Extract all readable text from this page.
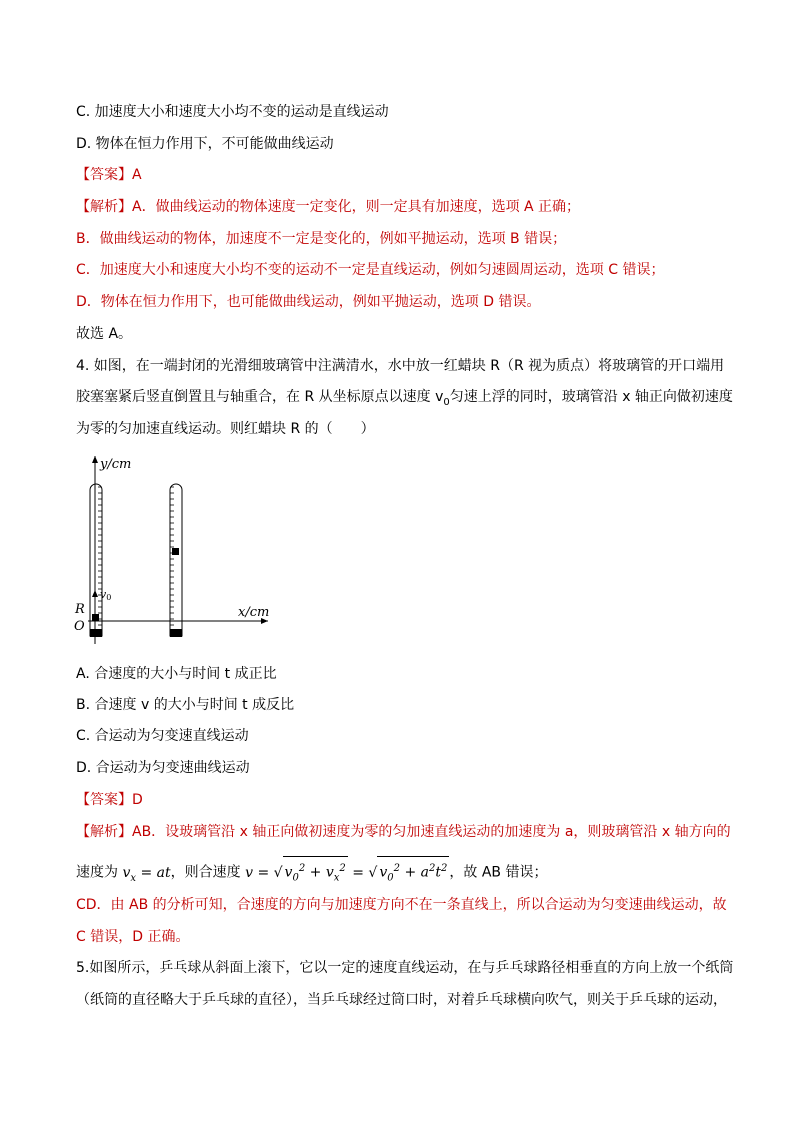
C. 加速度大小和速度大小均不变的运动是直线运动
D. 物体在恒力作用下，不可能做曲线运动
【答案】A
【解析】A．做曲线运动的物体速度一定变化，则一定具有加速度，选项 A 正确；
B．做曲线运动的物体，加速度不一定是变化的，例如平抛运动，选项 B 错误；
C．加速度大小和速度大小均不变的运动不一定是直线运动，例如匀速圆周运动，选项 C 错误；
D．物体在恒力作用下，也可能做曲线运动，例如平抛运动，选项 D 错误。
故选 A。
4. 如图，在一端封闭的光滑细玻璃管中注满清水，水中放一红蜡块 R（R 视为质点）将玻璃管的开口端用
胶塞塞紧后竖直倒置且与轴重合，在 R 从坐标原点以速度 $v_0$匀速上浮的同时，玻璃管沿 x 轴正向做初速度
为零的匀加速直线运动。则红蜡块 R 的（　　）
y/cm
x/cm
O
R
v0
A. 合速度的大小与时间 t 成正比
B. 合速度 v 的大小与时间 t 成反比
C. 合运动为匀变速直线运动
D. 合运动为匀变速曲线运动
【答案】D
【解析】AB．设玻璃管沿 x 轴正向做初速度为零的匀加速直线运动的加速度为 a，则玻璃管沿 x 轴方向的
速度为 $v_x$ = at，则合速度 v = √ $v_0^2 + v_x^2$ = √ $v_0^2 + a^2t^2$ ，故 AB 错误；
CD．由 AB 的分析可知，合速度的方向与加速度方向不在一条直线上，所以合运动为匀变速曲线运动，故
C 错误，D 正确。
5.如图所示，乒乓球从斜面上滚下，它以一定的速度直线运动，在与乒乓球路径相垂直的方向上放一个纸筒
（纸筒的直径略大于乒乓球的直径），当乒乓球经过筒口时，对着乒乓球横向吹气，则关于乒乓球的运动，
